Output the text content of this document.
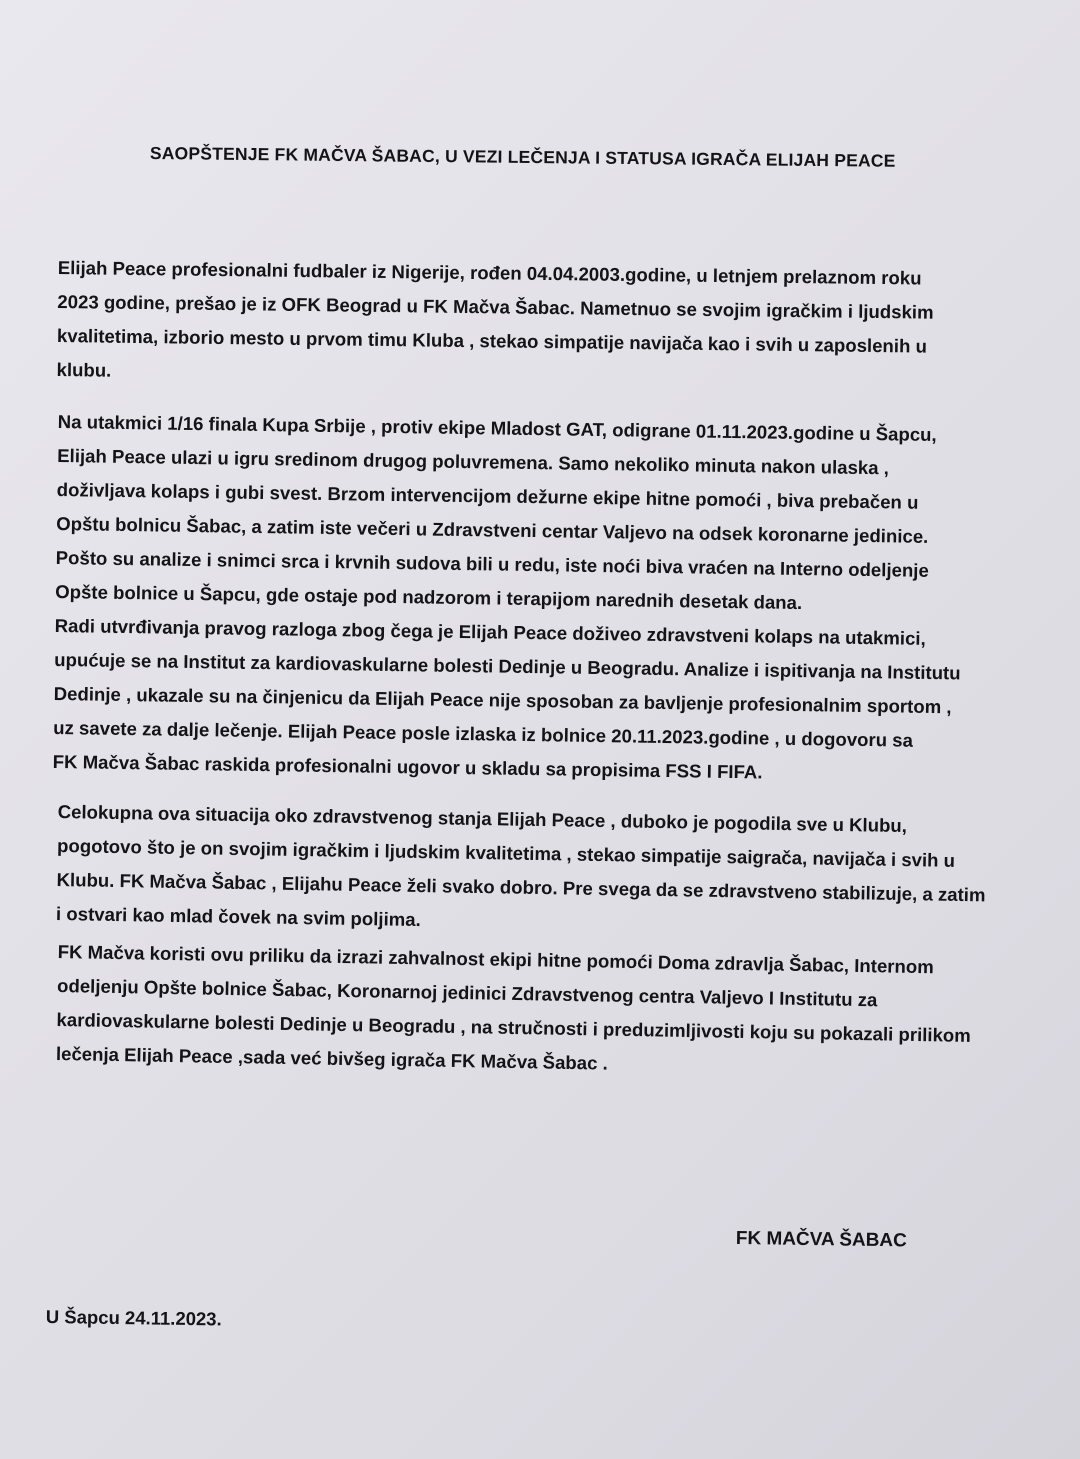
SAOPŠTENJE FK MAČVA ŠABAC, U VEZI LEČENJA I STATUSA IGRAČA ELIJAH PEACE

Elijah Peace profesionalni fudbaler iz Nigerije, rođen 04.04.2003.godine, u letnjem prelaznom roku
2023 godine, prešao je iz OFK Beograd u FK Mačva Šabac. Nametnuo se svojim igračkim i ljudskim
kvalitetima, izborio mesto u prvom timu Kluba , stekao simpatije navijača kao i svih u zaposlenih u
klubu.

Na utakmici 1/16 finala Kupa Srbije , protiv ekipe Mladost GAT, odigrane 01.11.2023.godine u Šapcu,
Elijah Peace ulazi u igru sredinom drugog poluvremena. Samo nekoliko minuta nakon ulaska ,
doživljava kolaps i gubi svest. Brzom intervencijom dežurne ekipe hitne pomoći , biva prebačen u
Opštu bolnicu Šabac, a zatim iste večeri u Zdravstveni centar Valjevo na odsek koronarne jedinice.
Pošto su analize i snimci srca i krvnih sudova bili u redu, iste noći biva vraćen na Interno odeljenje
Opšte bolnice u Šapcu, gde ostaje pod nadzorom i terapijom narednih desetak dana.
Radi utvrđivanja pravog razloga zbog čega je Elijah Peace doživeo zdravstveni kolaps na utakmici,
upućuje se na Institut za kardiovaskularne bolesti Dedinje u Beogradu. Analize i ispitivanja na Institutu
Dedinje , ukazale su na činjenicu da Elijah Peace nije sposoban za bavljenje profesionalnim sportom ,
uz savete za dalje lečenje. Elijah Peace posle izlaska iz bolnice 20.11.2023.godine , u dogovoru sa
FK Mačva Šabac raskida profesionalni ugovor u skladu sa propisima FSS I FIFA.

Celokupna ova situacija oko zdravstvenog stanja Elijah Peace , duboko je pogodila sve u Klubu,
pogotovo što je on svojim igračkim i ljudskim kvalitetima , stekao simpatije saigrača, navijača i svih u
Klubu. FK Mačva Šabac , Elijahu Peace želi svako dobro. Pre svega da se zdravstveno stabilizuje, a zatim
i ostvari kao mlad čovek na svim poljima.

FK Mačva koristi ovu priliku da izrazi zahvalnost ekipi hitne pomoći Doma zdravlja Šabac, Internom
odeljenju Opšte bolnice Šabac, Koronarnoj jedinici Zdravstvenog centra Valjevo I Institutu za
kardiovaskularne bolesti Dedinje u Beogradu , na stručnosti i preduzimljivosti koju su pokazali prilikom
lečenja Elijah Peace ,sada već bivšeg igrača FK Mačva Šabac .

FK MAČVA ŠABAC

U Šapcu 24.11.2023.
